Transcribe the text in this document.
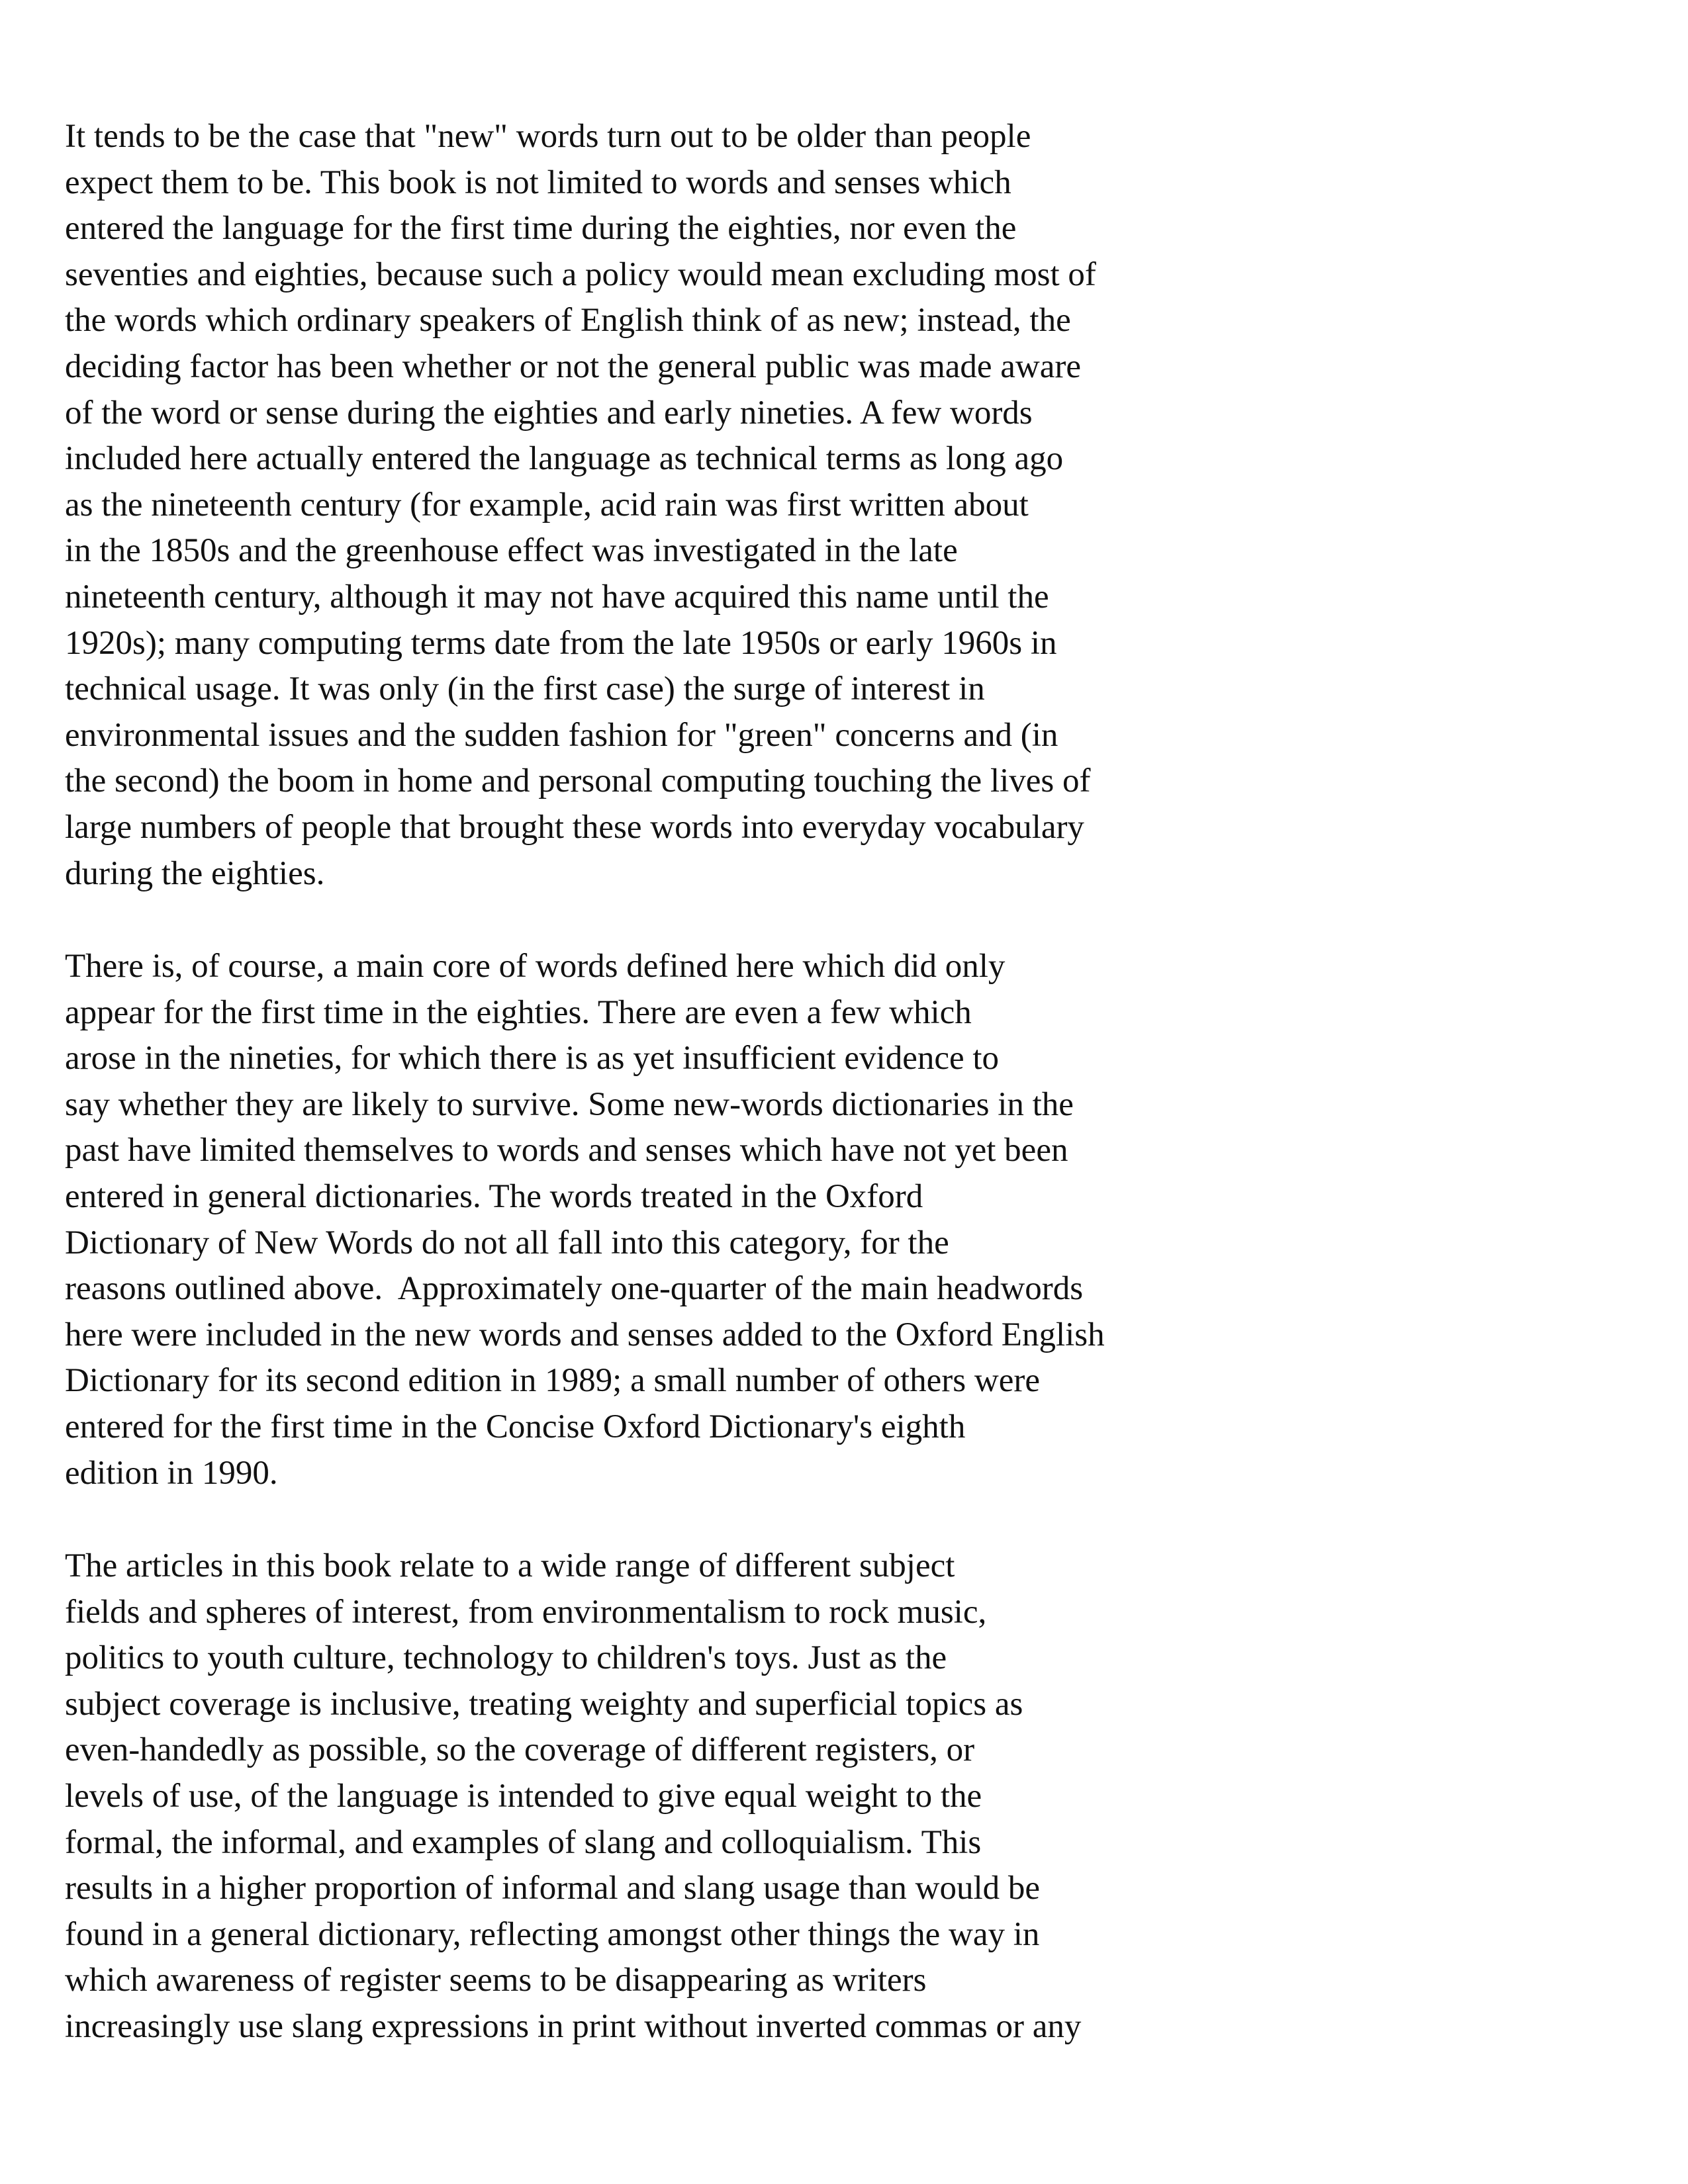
It tends to be the case that "new" words turn out to be older than people
expect them to be. This book is not limited to words and senses which
entered the language for the first time during the eighties, nor even the
seventies and eighties, because such a policy would mean excluding most of
the words which ordinary speakers of English think of as new; instead, the
deciding factor has been whether or not the general public was made aware
of the word or sense during the eighties and early nineties. A few words
included here actually entered the language as technical terms as long ago
as the nineteenth century (for example, acid rain was first written about
in the 1850s and the greenhouse effect was investigated in the late
nineteenth century, although it may not have acquired this name until the
1920s); many computing terms date from the late 1950s or early 1960s in
technical usage. It was only (in the first case) the surge of interest in
environmental issues and the sudden fashion for "green" concerns and (in
the second) the boom in home and personal computing touching the lives of
large numbers of people that brought these words into everyday vocabulary
during the eighties.

There is, of course, a main core of words defined here which did only
appear for the first time in the eighties. There are even a few which
arose in the nineties, for which there is as yet insufficient evidence to
say whether they are likely to survive. Some new-words dictionaries in the
past have limited themselves to words and senses which have not yet been
entered in general dictionaries. The words treated in the Oxford
Dictionary of New Words do not all fall into this category, for the
reasons outlined above.  Approximately one-quarter of the main headwords
here were included in the new words and senses added to the Oxford English
Dictionary for its second edition in 1989; a small number of others were
entered for the first time in the Concise Oxford Dictionary's eighth
edition in 1990.

The articles in this book relate to a wide range of different subject
fields and spheres of interest, from environmentalism to rock music,
politics to youth culture, technology to children's toys. Just as the
subject coverage is inclusive, treating weighty and superficial topics as
even-handedly as possible, so the coverage of different registers, or
levels of use, of the language is intended to give equal weight to the
formal, the informal, and examples of slang and colloquialism. This
results in a higher proportion of informal and slang usage than would be
found in a general dictionary, reflecting amongst other things the way in
which awareness of register seems to be disappearing as writers
increasingly use slang expressions in print without inverted commas or any
